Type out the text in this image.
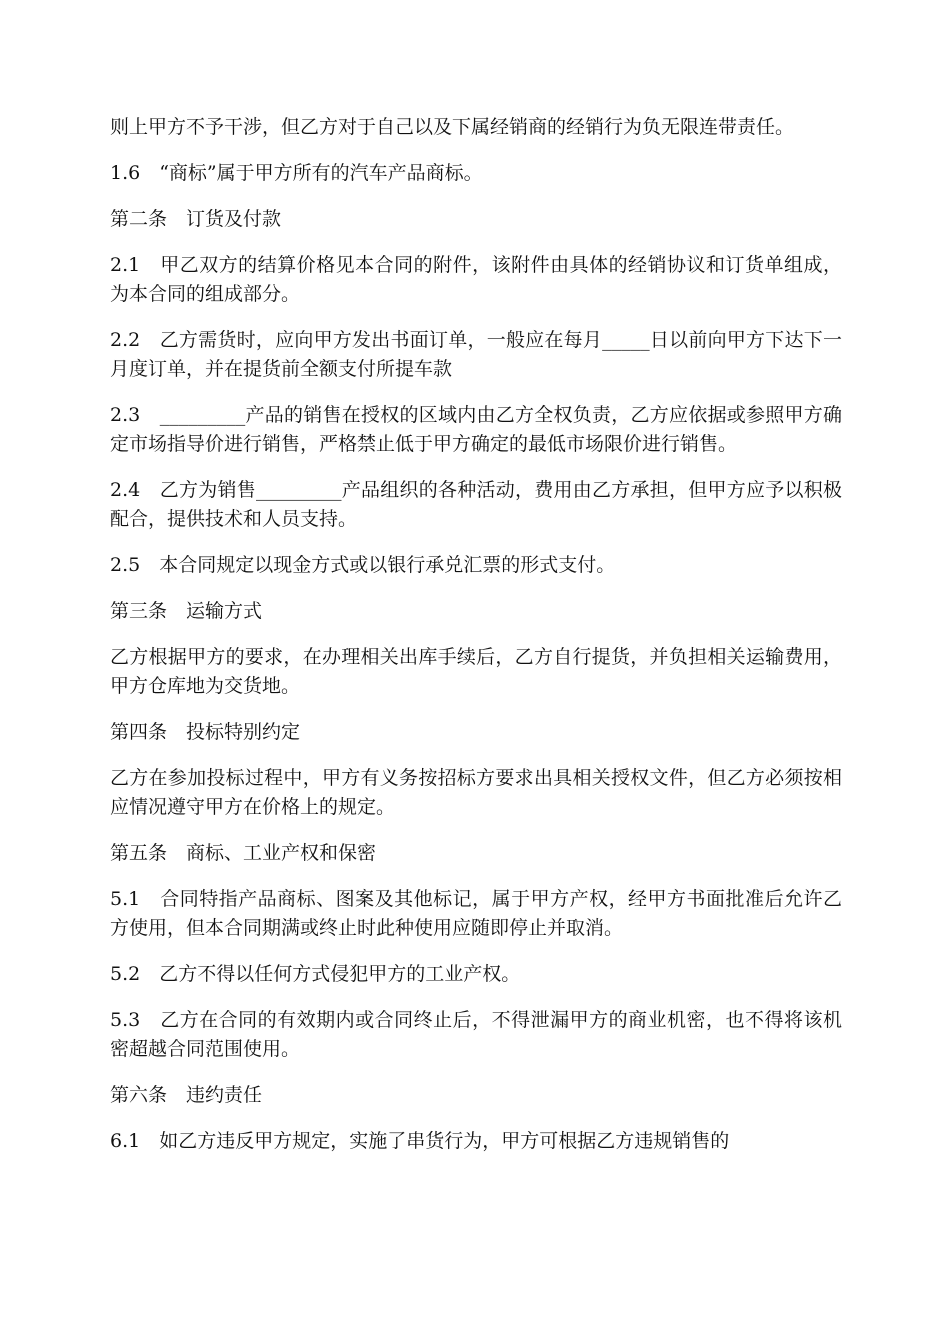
则上甲方不予干涉，但乙方对于自己以及下属经销商的经销行为负无限连带责任。

1.6　“商标”属于甲方所有的汽车产品商标。

第二条　订货及付款

2.1　甲乙双方的结算价格见本合同的附件，该附件由具体的经销协议和订货单组成，为本合同的组成部分。

2.2　乙方需货时，应向甲方发出书面订单，一般应在每月_____日以前向甲方下达下一月度订单，并在提货前全额支付所提车款

2.3　_________产品的销售在授权的区域内由乙方全权负责，乙方应依据或参照甲方确定市场指导价进行销售，严格禁止低于甲方确定的最低市场限价进行销售。

2.4　乙方为销售_________产品组织的各种活动，费用由乙方承担，但甲方应予以积极配合，提供技术和人员支持。

2.5　本合同规定以现金方式或以银行承兑汇票的形式支付。

第三条　运输方式

乙方根据甲方的要求，在办理相关出库手续后，乙方自行提货，并负担相关运输费用，甲方仓库地为交货地。

第四条　投标特别约定

乙方在参加投标过程中，甲方有义务按招标方要求出具相关授权文件，但乙方必须按相应情况遵守甲方在价格上的规定。

第五条　商标、工业产权和保密

5.1　合同特指产品商标、图案及其他标记，属于甲方产权，经甲方书面批准后允许乙方使用，但本合同期满或终止时此种使用应随即停止并取消。

5.2　乙方不得以任何方式侵犯甲方的工业产权。

5.3　乙方在合同的有效期内或合同终止后，不得泄漏甲方的商业机密，也不得将该机密超越合同范围使用。

第六条　违约责任

6.1　如乙方违反甲方规定，实施了串货行为，甲方可根据乙方违规销售的
